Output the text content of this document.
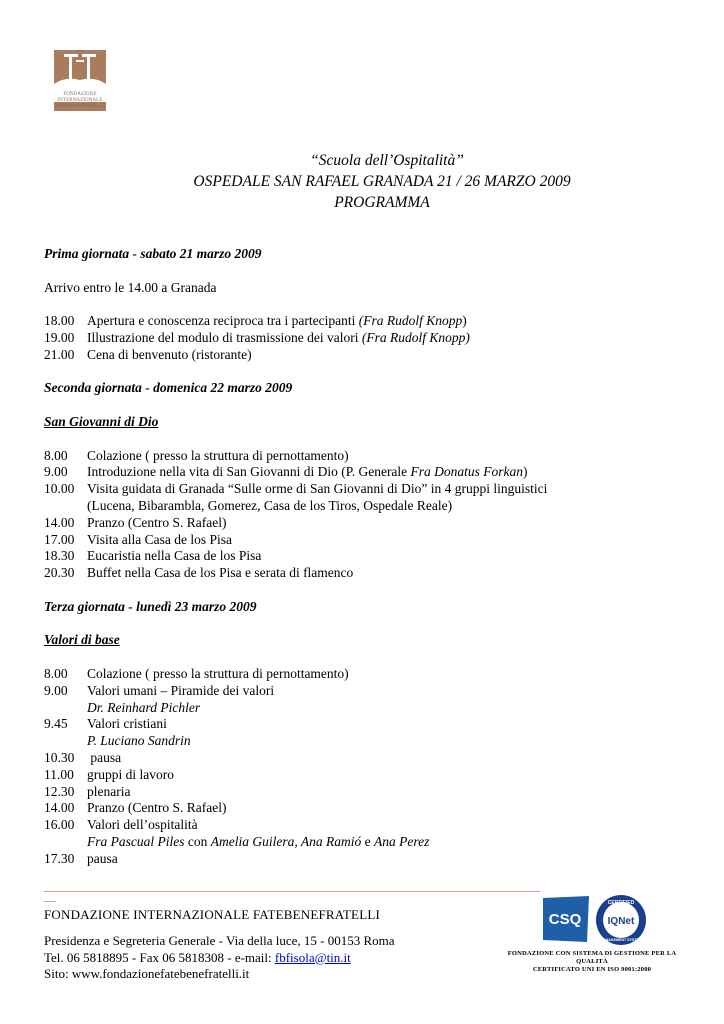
FONDAZIONE INTERNAZIONALE
FATEBENEFRATELLI
“Scuola dell’Ospitalità”
OSPEDALE SAN RAFAEL GRANADA 21 / 26 MARZO 2009
PROGRAMMA
Prima giornata - sabato 21 marzo 2009
Arrivo entro le 14.00 a Granada
18.00 Apertura e conoscenza reciproca tra i partecipanti (Fra Rudolf Knopp)
19.00 Illustrazione del modulo di trasmissione dei valori (Fra Rudolf Knopp)
21.00 Cena di benvenuto (ristorante)
Seconda giornata - domenica 22 marzo 2009
San Giovanni di Dio
8.00 Colazione ( presso la struttura di pernottamento)
9.00 Introduzione nella vita di San Giovanni di Dio (P. Generale Fra Donatus Forkan)
10.00 Visita guidata di Granada “Sulle orme di San Giovanni di Dio” in 4 gruppi linguistici
(Lucena, Bibarambla, Gomerez, Casa de los Tiros, Ospedale Reale)
14.00 Pranzo (Centro S. Rafael)
17.00 Visita alla Casa de los Pisa
18.30 Eucaristia nella Casa de los Pisa
20.30 Buffet nella Casa de los Pisa e serata di flamenco
Terza giornata - lunedì 23 marzo 2009
Valori di base
8.00 Colazione ( presso la struttura di pernottamento)
9.00 Valori umani – Piramide dei valori
Dr. Reinhard Pichler
9.45 Valori cristiani
P. Luciano Sandrin
10.30 pausa
11.00 gruppi di lavoro
12.30 plenaria
14.00 Pranzo (Centro S. Rafael)
16.00 Valori dell’ospitalità
Fra Pascual Piles con Amelia Guilera, Ana Ramió e Ana Perez
17.30 pausa
FONDAZIONE INTERNAZIONALE FATEBENEFRATELLI
Presidenza e Segreteria Generale - Via della luce, 15 - 00153 Roma
Tel. 06 5818895 - Fax 06 5818308 - e-mail: fbfisola@tin.it
Sito: www.fondazionefatebenefratelli.it
CSQ
CERTIFIED
IQNet
MANAGEMENT SYSTEM
FONDAZIONE CON SISTEMA DI GESTIONE PER LA QUALITÀ
CERTIFICATO UNI EN ISO 9001:2000
